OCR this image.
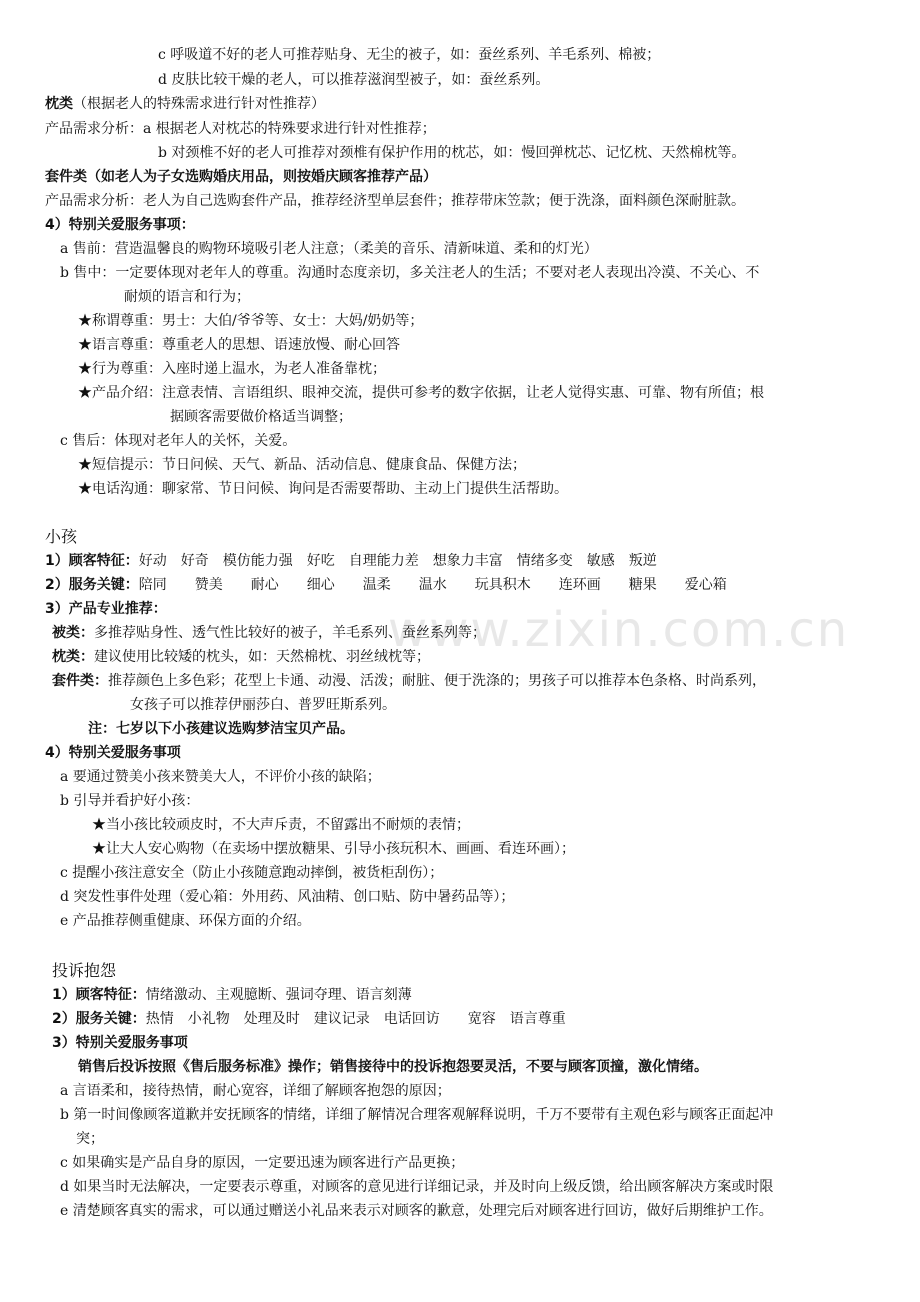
www.zixin.com.cn
c 呼吸道不好的老人可推荐贴身、无尘的被子，如：蚕丝系列、羊毛系列、棉被；
d 皮肤比较干燥的老人，可以推荐滋润型被子，如：蚕丝系列。
枕类（根据老人的特殊需求进行针对性推荐）
产品需求分析：a 根据老人对枕芯的特殊要求进行针对性推荐；
b 对颈椎不好的老人可推荐对颈椎有保护作用的枕芯，如：慢回弹枕芯、记忆枕、天然棉枕等。
套件类（如老人为子女选购婚庆用品，则按婚庆顾客推荐产品）
产品需求分析：老人为自己选购套件产品，推荐经济型单层套件；推荐带床笠款；便于洗涤，面料颜色深耐脏款。
4）特别关爱服务事项：
a 售前：营造温馨良的购物环境吸引老人注意；（柔美的音乐、清新味道、柔和的灯光）
b 售中：一定要体现对老年人的尊重。沟通时态度亲切，多关注老人的生活；不要对老人表现出冷漠、不关心、不
耐烦的语言和行为；
★称谓尊重：男士：大伯/爷爷等、女士：大妈/奶奶等；
★语言尊重：尊重老人的思想、语速放慢、耐心回答
★行为尊重：入座时递上温水，为老人准备靠枕；
★产品介绍：注意表情、言语组织、眼神交流，提供可参考的数字依据，让老人觉得实惠、可靠、物有所值；根
据顾客需要做价格适当调整；
c 售后：体现对老年人的关怀，关爱。
★短信提示：节日问候、天气、新品、活动信息、健康食品、保健方法；
★电话沟通：聊家常、节日问候、询问是否需要帮助、主动上门提供生活帮助。
小孩
1）顾客特征：好动 好奇 模仿能力强 好吃 自理能力差 想象力丰富 情绪多变 敏感 叛逆
2）服务关键：陪同 赞美 耐心 细心 温柔 温水 玩具积木 连环画 糖果 爱心箱
3）产品专业推荐：
被类：多推荐贴身性、透气性比较好的被子，羊毛系列、蚕丝系列等；
枕类：建议使用比较矮的枕头，如：天然棉枕、羽丝绒枕等；
套件类：推荐颜色上多色彩；花型上卡通、动漫、活泼；耐脏、便于洗涤的；男孩子可以推荐本色条格、时尚系列，
女孩子可以推荐伊丽莎白、普罗旺斯系列。
注：七岁以下小孩建议选购梦洁宝贝产品。
4）特别关爱服务事项
a 要通过赞美小孩来赞美大人，不评价小孩的缺陷；
b 引导并看护好小孩：
★当小孩比较顽皮时，不大声斥责，不留露出不耐烦的表情；
★让大人安心购物（在卖场中摆放糖果、引导小孩玩积木、画画、看连环画）；
c 提醒小孩注意安全（防止小孩随意跑动摔倒，被货柜刮伤）；
d 突发性事件处理（爱心箱：外用药、风油精、创口贴、防中暑药品等）；
e 产品推荐侧重健康、环保方面的介绍。
投诉抱怨
1）顾客特征：情绪激动、主观臆断、强词夺理、语言刻薄
2）服务关键：热情 小礼物 处理及时 建议记录 电话回访 宽容 语言尊重
3）特别关爱服务事项
销售后投诉按照《售后服务标准》操作；销售接待中的投诉抱怨要灵活，不要与顾客顶撞，激化情绪。
a 言语柔和，接待热情，耐心宽容，详细了解顾客抱怨的原因；
b 第一时间像顾客道歉并安抚顾客的情绪，详细了解情况合理客观解释说明，千万不要带有主观色彩与顾客正面起冲
突；
c 如果确实是产品自身的原因，一定要迅速为顾客进行产品更换；
d 如果当时无法解决，一定要表示尊重，对顾客的意见进行详细记录，并及时向上级反馈，给出顾客解决方案或时限
e 清楚顾客真实的需求，可以通过赠送小礼品来表示对顾客的歉意，处理完后对顾客进行回访，做好后期维护工作。
